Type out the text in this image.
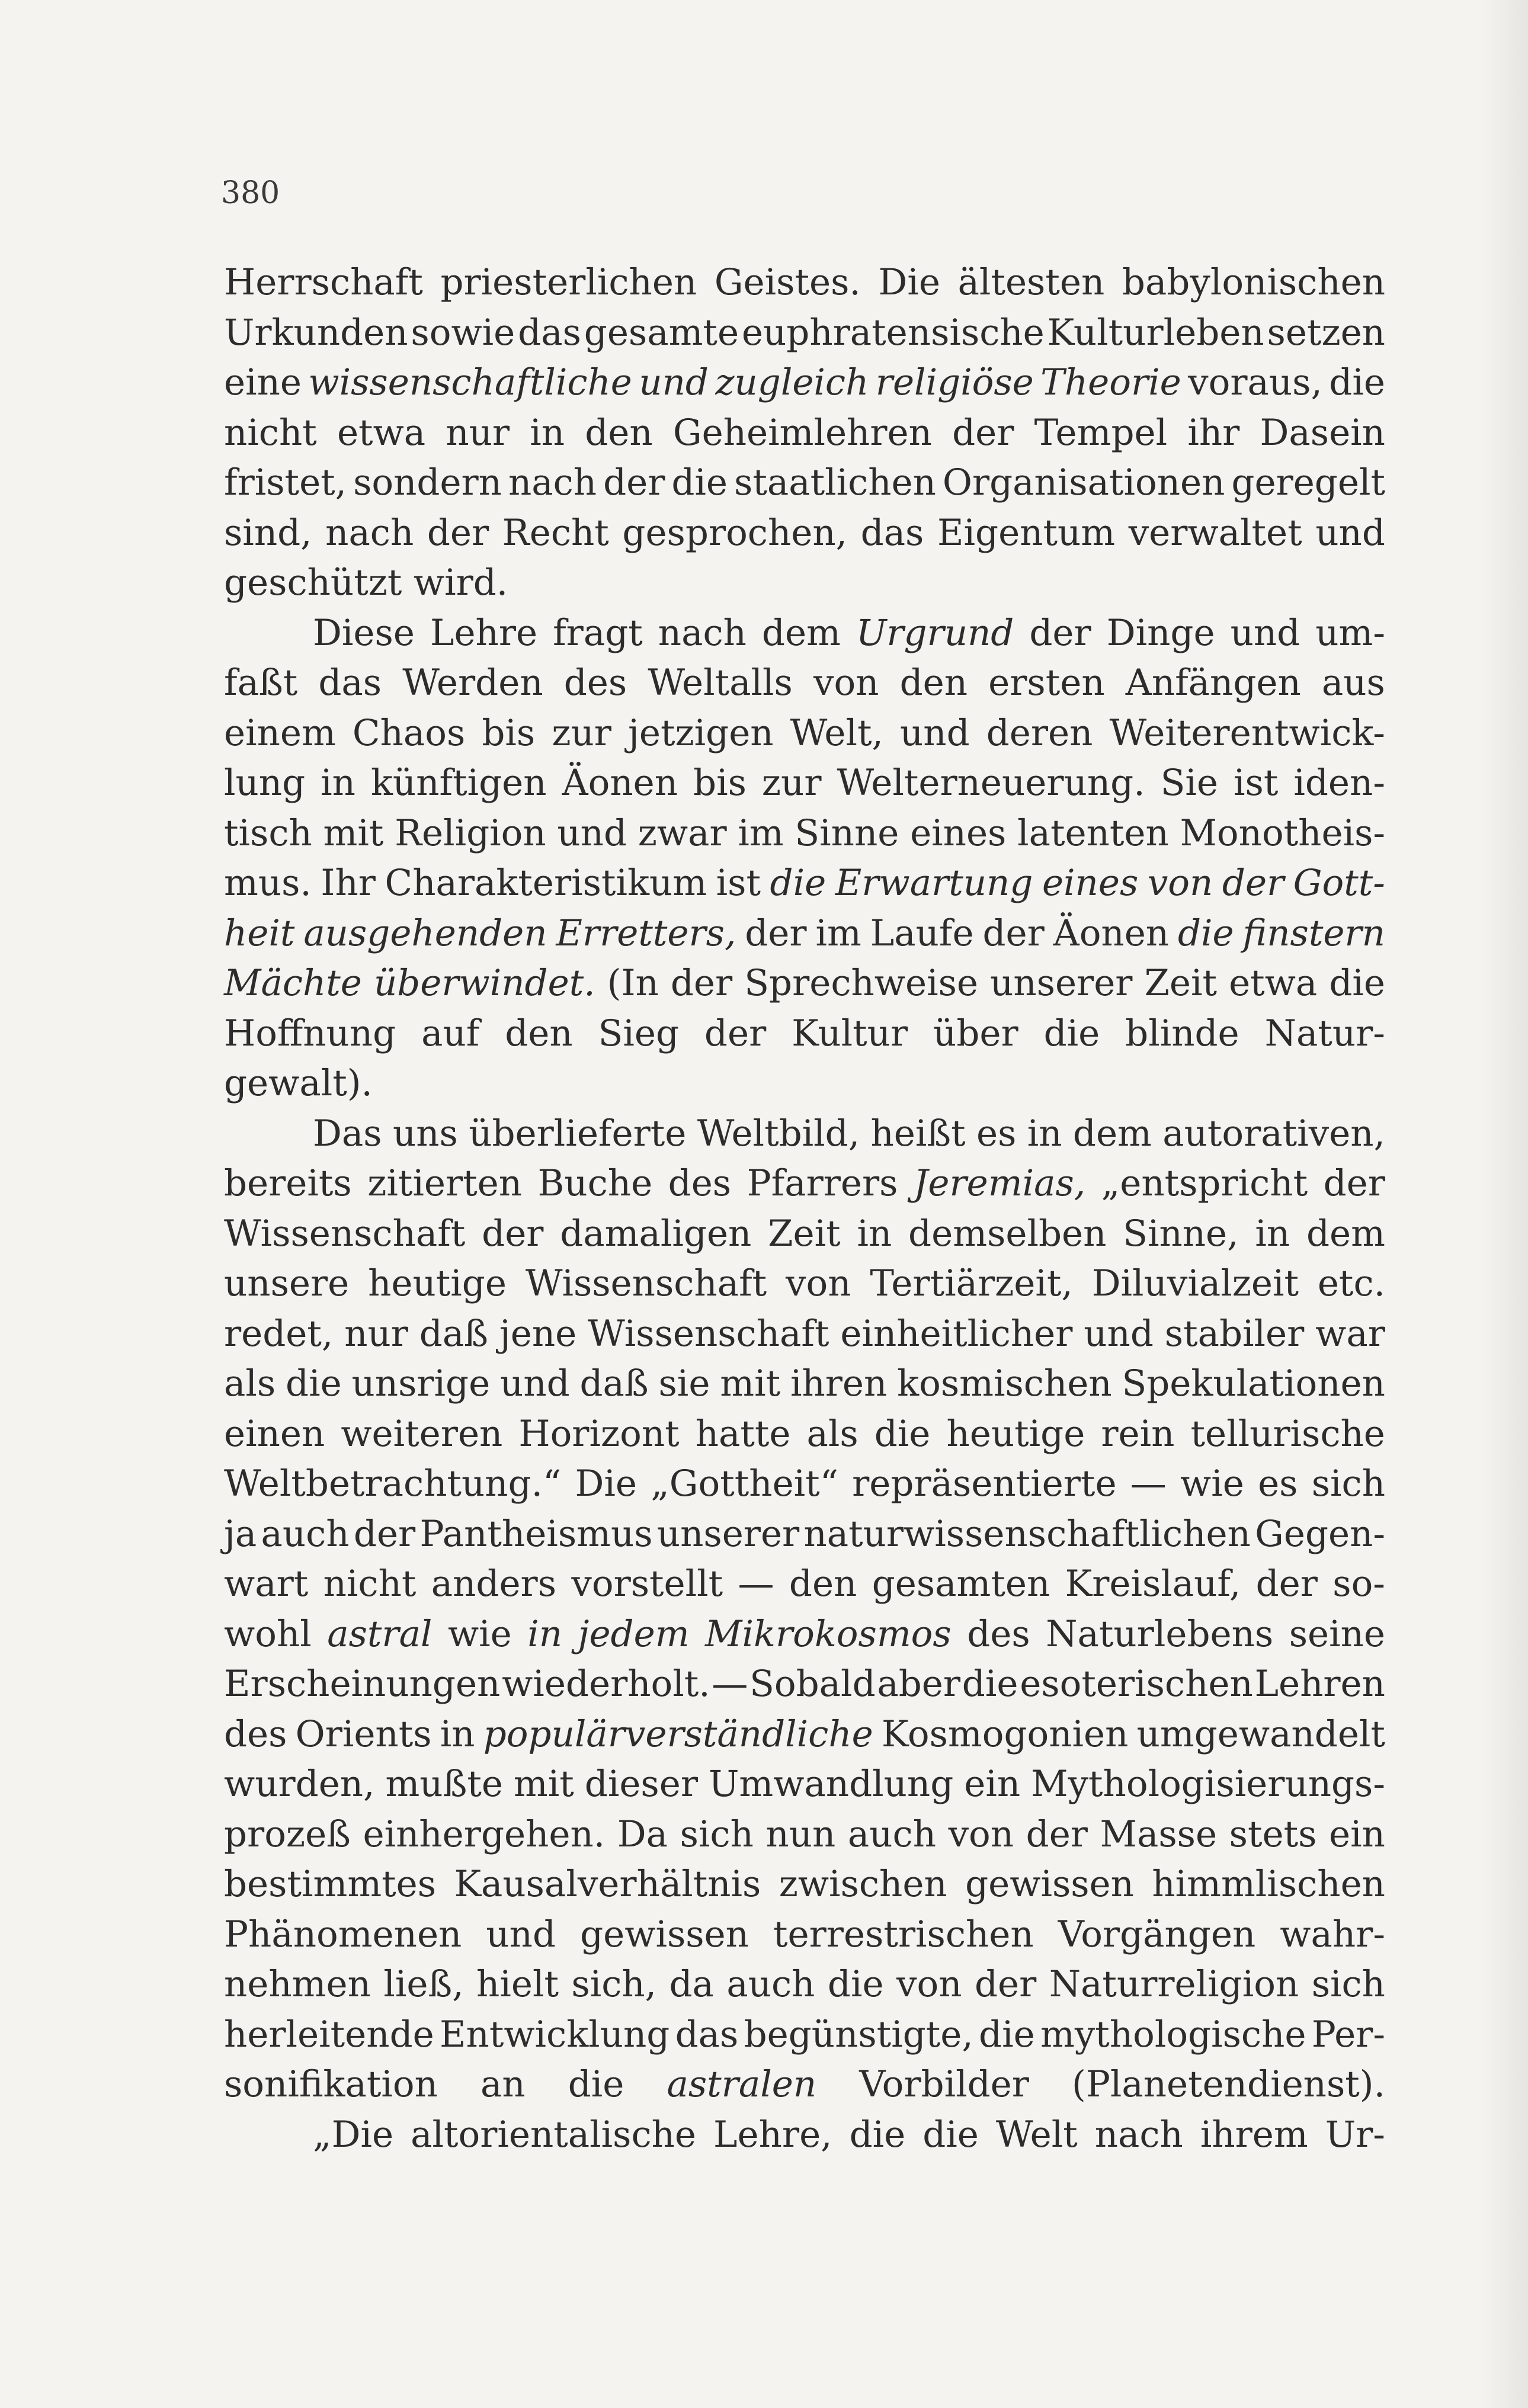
380
Herrschaft priesterlichen Geistes. Die ältesten babylonischen
Urkunden sowie das gesamte euphratensische Kulturleben setzen
eine wissenschaftliche und zugleich religiöse Theorie voraus, die
nicht etwa nur in den Geheimlehren der Tempel ihr Dasein
fristet, sondern nach der die staatlichen Organisationen geregelt
sind, nach der Recht gesprochen, das Eigentum verwaltet und
geschützt wird.
Diese Lehre fragt nach dem Urgrund der Dinge und um-
faßt das Werden des Weltalls von den ersten Anfängen aus
einem Chaos bis zur jetzigen Welt, und deren Weiterentwick-
lung in künftigen Äonen bis zur Welterneuerung. Sie ist iden-
tisch mit Religion und zwar im Sinne eines latenten Monotheis-
mus. Ihr Charakteristikum ist die Erwartung eines von der Gott-
heit ausgehenden Erretters, der im Laufe der Äonen die finstern
Mächte überwindet. (In der Sprechweise unserer Zeit etwa die
Hoffnung auf den Sieg der Kultur über die blinde Natur-
gewalt).
Das uns überlieferte Weltbild, heißt es in dem autorativen,
bereits zitierten Buche des Pfarrers Jeremias, „entspricht der
Wissenschaft der damaligen Zeit in demselben Sinne, in dem
unsere heutige Wissenschaft von Tertiärzeit, Diluvialzeit etc.
redet, nur daß jene Wissenschaft einheitlicher und stabiler war
als die unsrige und daß sie mit ihren kosmischen Spekulationen
einen weiteren Horizont hatte als die heutige rein tellurische
Weltbetrachtung.“ Die „Gottheit“ repräsentierte — wie es sich
ja auch der Pantheismus unserer naturwissenschaftlichen Gegen-
wart nicht anders vorstellt — den gesamten Kreislauf, der so-
wohl astral wie in jedem Mikrokosmos des Naturlebens seine
Erscheinungen wiederholt. — Sobald aber die esoterischen Lehren
des Orients in populärverständliche Kosmogonien umgewandelt
wurden, mußte mit dieser Umwandlung ein Mythologisierungs-
prozeß einhergehen. Da sich nun auch von der Masse stets ein
bestimmtes Kausalverhältnis zwischen gewissen himmlischen
Phänomenen und gewissen terrestrischen Vorgängen wahr-
nehmen ließ, hielt sich, da auch die von der Naturreligion sich
herleitende Entwicklung das begünstigte, die mythologische Per-
sonifikation an die astralen Vorbilder (Planetendienst).
„Die altorientalische Lehre, die die Welt nach ihrem Ur-
